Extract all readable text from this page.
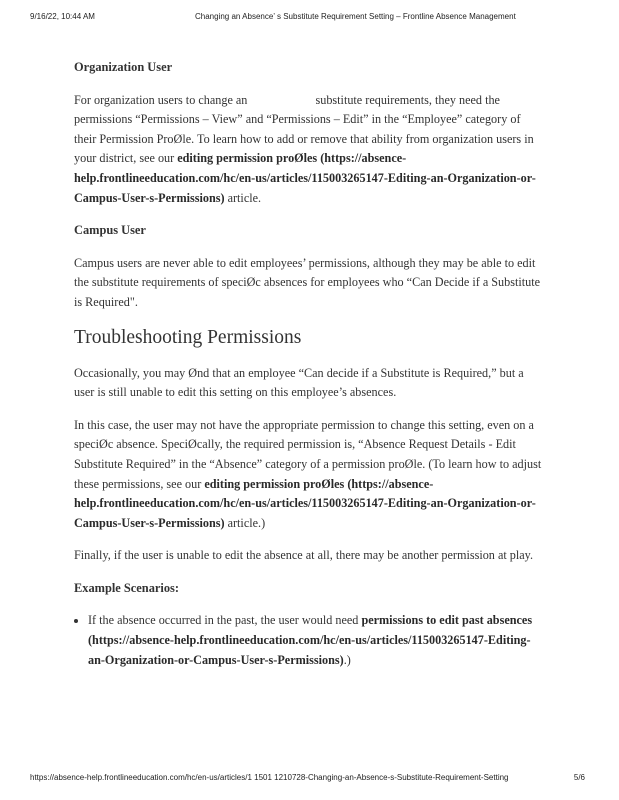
9/16/22, 10:44 AM	Changing an Absence’ s Substitute Requirement Setting – Frontline Absence Management
Organization User

For organization users to change an	substitute requirements, they need the permissions “Permissions – View” and “Permissions – Edit” in the “Employee” category of their Permission ProØle. To learn how to add or remove that ability from organization users in your district, see our editing permission proØles (https://absence-help.frontlineeducation.com/hc/en-us/articles/115003265147-Editing-an-Organization-or-Campus-User-s-Permissions) article.

Campus User

Campus users are never able to edit employees’ permissions, although they may be able to edit the substitute requirements of speciØc absences for employees who “Can Decide if a Substitute is Required".

Troubleshooting Permissions

Occasionally, you may Ønd that an employee “Can decide if a Substitute is Required,” but a user is still unable to edit this setting on this employee’s absences.

In this case, the user may not have the appropriate permission to change this setting, even on a speciØc absence. SpeciØcally, the required permission is, “Absence Request Details - Edit Substitute Required” in the “Absence” category of a permission proØle. (To learn how to adjust these permissions, see our editing permission proØles (https://absence-help.frontlineeducation.com/hc/en-us/articles/115003265147-Editing-an-Organization-or-Campus-User-s-Permissions) article.)

Finally, if the user is unable to edit the absence at all, there may be another permission at play.

Example Scenarios:
• If the absence occurred in the past, the user would need permissions to edit past absences (https://absence-help.frontlineeducation.com/hc/en-us/articles/115003265147-Editing-an-Organization-or-Campus-User-s-Permissions).)
https://absence-help.frontlineeducation.com/hc/en-us/articles/1 1501 1210728-Changing-an-Absence-s-Substitute-Requirement-Setting	5/6
